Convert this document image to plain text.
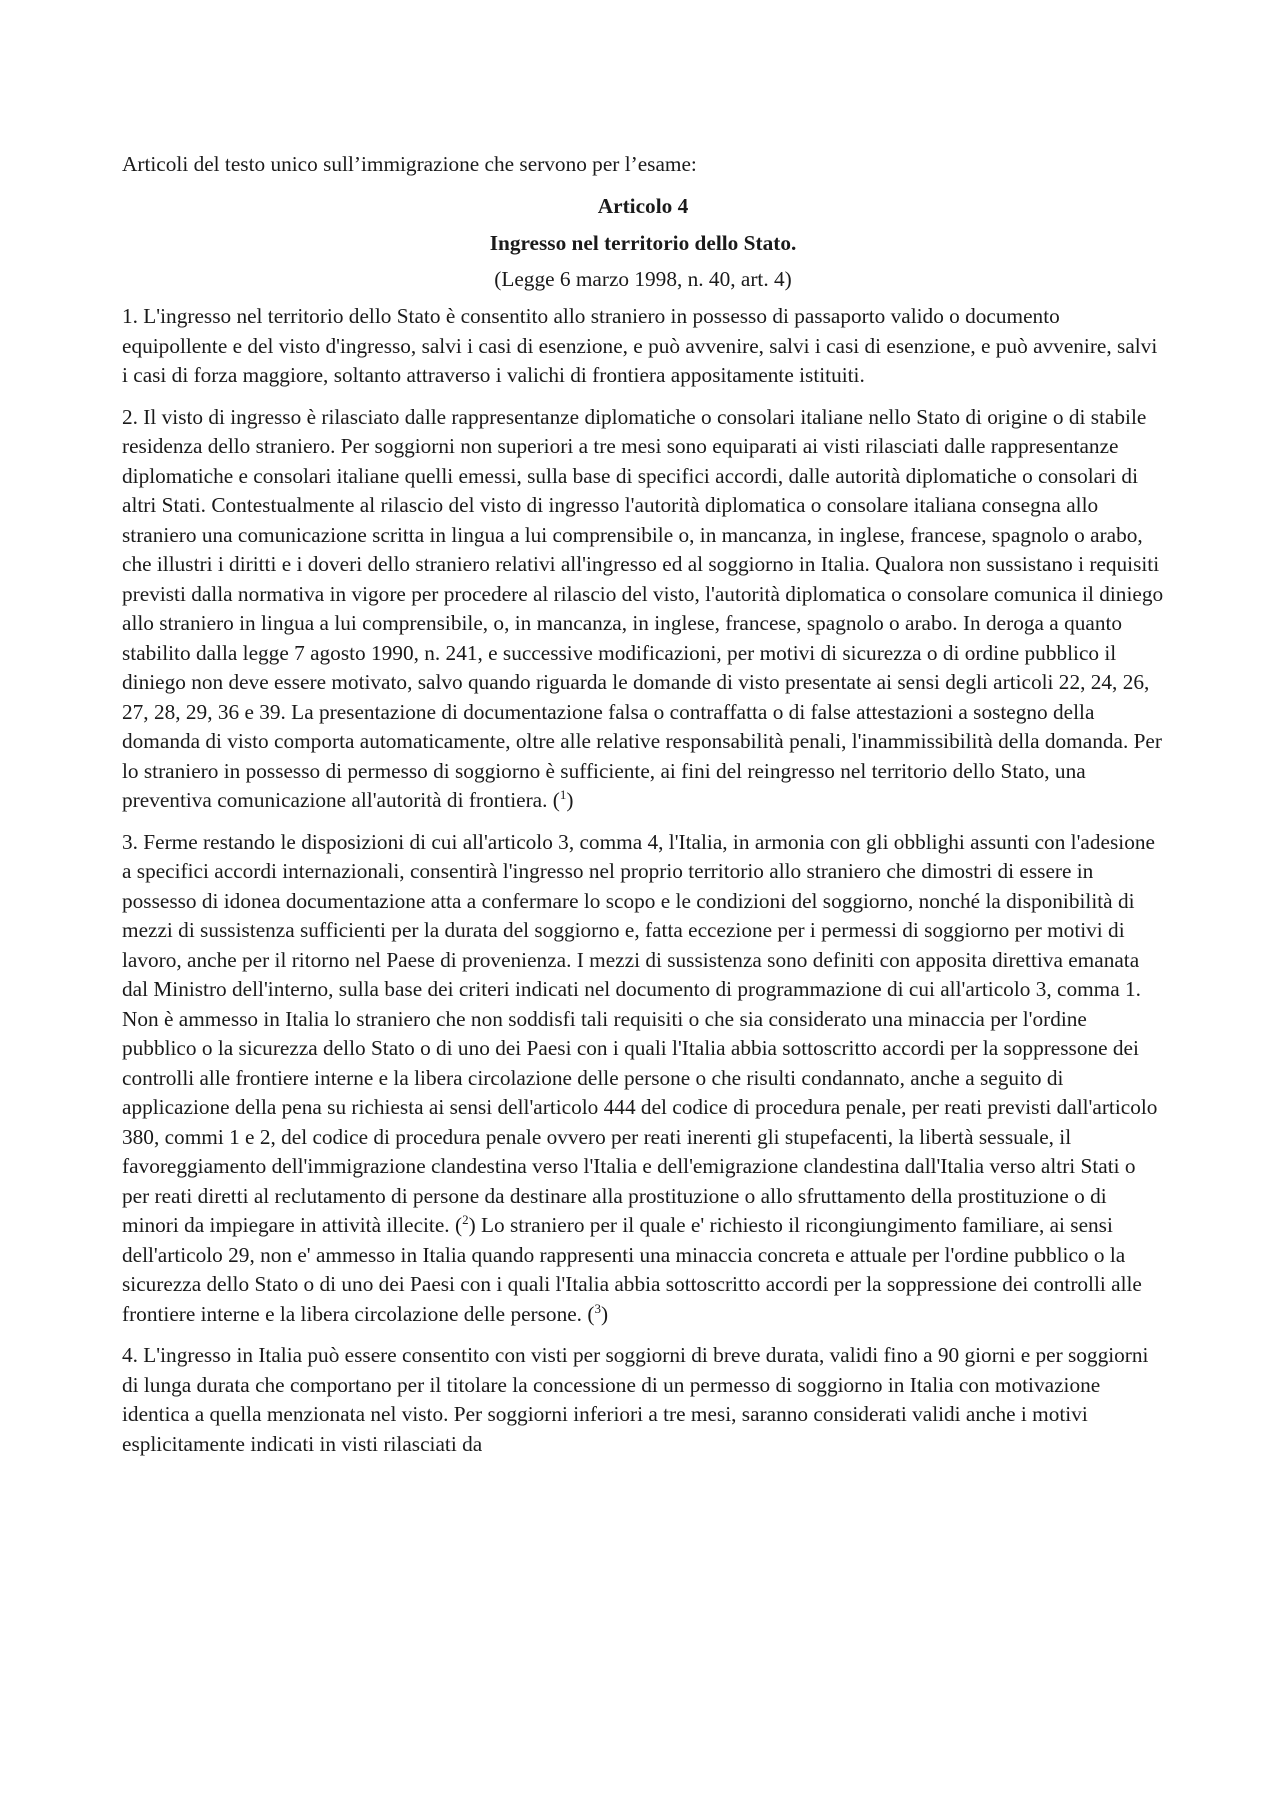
Articoli del testo unico sull’immigrazione che servono per l’esame:

Articolo 4

Ingresso nel territorio dello Stato.

(Legge 6 marzo 1998, n. 40, art. 4)

1. L'ingresso nel territorio dello Stato è consentito allo straniero in possesso di passaporto valido o documento equipollente e del visto d'ingresso, salvi i casi di esenzione, e può avvenire, salvi i casi di esenzione, e può avvenire, salvi i casi di forza maggiore, soltanto attraverso i valichi di frontiera appositamente istituiti.

2. Il visto di ingresso è rilasciato dalle rappresentanze diplomatiche o consolari italiane nello Stato di origine o di stabile residenza dello straniero. Per soggiorni non superiori a tre mesi sono equiparati ai visti rilasciati dalle rappresentanze diplomatiche e consolari italiane quelli emessi, sulla base di specifici accordi, dalle autorità diplomatiche o consolari di altri Stati. Contestualmente al rilascio del visto di ingresso l'autorità diplomatica o consolare italiana consegna allo straniero una comunicazione scritta in lingua a lui comprensibile o, in mancanza, in inglese, francese, spagnolo o arabo, che illustri i diritti e i doveri dello straniero relativi all'ingresso ed al soggiorno in Italia. Qualora non sussistano i requisiti previsti dalla normativa in vigore per procedere al rilascio del visto, l'autorità diplomatica o consolare comunica il diniego allo straniero in lingua a lui comprensibile, o, in mancanza, in inglese, francese, spagnolo o arabo. In deroga a quanto stabilito dalla legge 7 agosto 1990, n. 241, e successive modificazioni, per motivi di sicurezza o di ordine pubblico il diniego non deve essere motivato, salvo quando riguarda le domande di visto presentate ai sensi degli articoli 22, 24, 26, 27, 28, 29, 36 e 39. La presentazione di documentazione falsa o contraffatta o di false attestazioni a sostegno della domanda di visto comporta automaticamente, oltre alle relative responsabilità penali, l'inammissibilità della domanda. Per lo straniero in possesso di permesso di soggiorno è sufficiente, ai fini del reingresso nel territorio dello Stato, una preventiva comunicazione all'autorità di frontiera. ($^1$)

3. Ferme restando le disposizioni di cui all'articolo 3, comma 4, l'Italia, in armonia con gli obblighi assunti con l'adesione a specifici accordi internazionali, consentirà l'ingresso nel proprio territorio allo straniero che dimostri di essere in possesso di idonea documentazione atta a confermare lo scopo e le condizioni del soggiorno, nonché la disponibilità di mezzi di sussistenza sufficienti per la durata del soggiorno e, fatta eccezione per i permessi di soggiorno per motivi di lavoro, anche per il ritorno nel Paese di provenienza. I mezzi di sussistenza sono definiti con apposita direttiva emanata dal Ministro dell'interno, sulla base dei criteri indicati nel documento di programmazione di cui all'articolo 3, comma 1. Non è ammesso in Italia lo straniero che non soddisfi tali requisiti o che sia considerato una minaccia per l'ordine pubblico o la sicurezza dello Stato o di uno dei Paesi con i quali l'Italia abbia sottoscritto accordi per la soppressone dei controlli alle frontiere interne e la libera circolazione delle persone o che risulti condannato, anche a seguito di applicazione della pena su richiesta ai sensi dell'articolo 444 del codice di procedura penale, per reati previsti dall'articolo 380, commi 1 e 2, del codice di procedura penale ovvero per reati inerenti gli stupefacenti, la libertà sessuale, il favoreggiamento dell'immigrazione clandestina verso l'Italia e dell'emigrazione clandestina dall'Italia verso altri Stati o per reati diretti al reclutamento di persone da destinare alla prostituzione o allo sfruttamento della prostituzione o di minori da impiegare in attività illecite. ($^2$) Lo straniero per il quale e' richiesto il ricongiungimento familiare, ai sensi dell'articolo 29, non e' ammesso in Italia quando rappresenti una minaccia concreta e attuale per l'ordine pubblico o la sicurezza dello Stato o di uno dei Paesi con i quali l'Italia abbia sottoscritto accordi per la soppressione dei controlli alle frontiere interne e la libera circolazione delle persone. ($^3$)

4. L'ingresso in Italia può essere consentito con visti per soggiorni di breve durata, validi fino a 90 giorni e per soggiorni di lunga durata che comportano per il titolare la concessione di un permesso di soggiorno in Italia con motivazione identica a quella menzionata nel visto. Per soggiorni inferiori a tre mesi, saranno considerati validi anche i motivi esplicitamente indicati in visti rilasciati da
